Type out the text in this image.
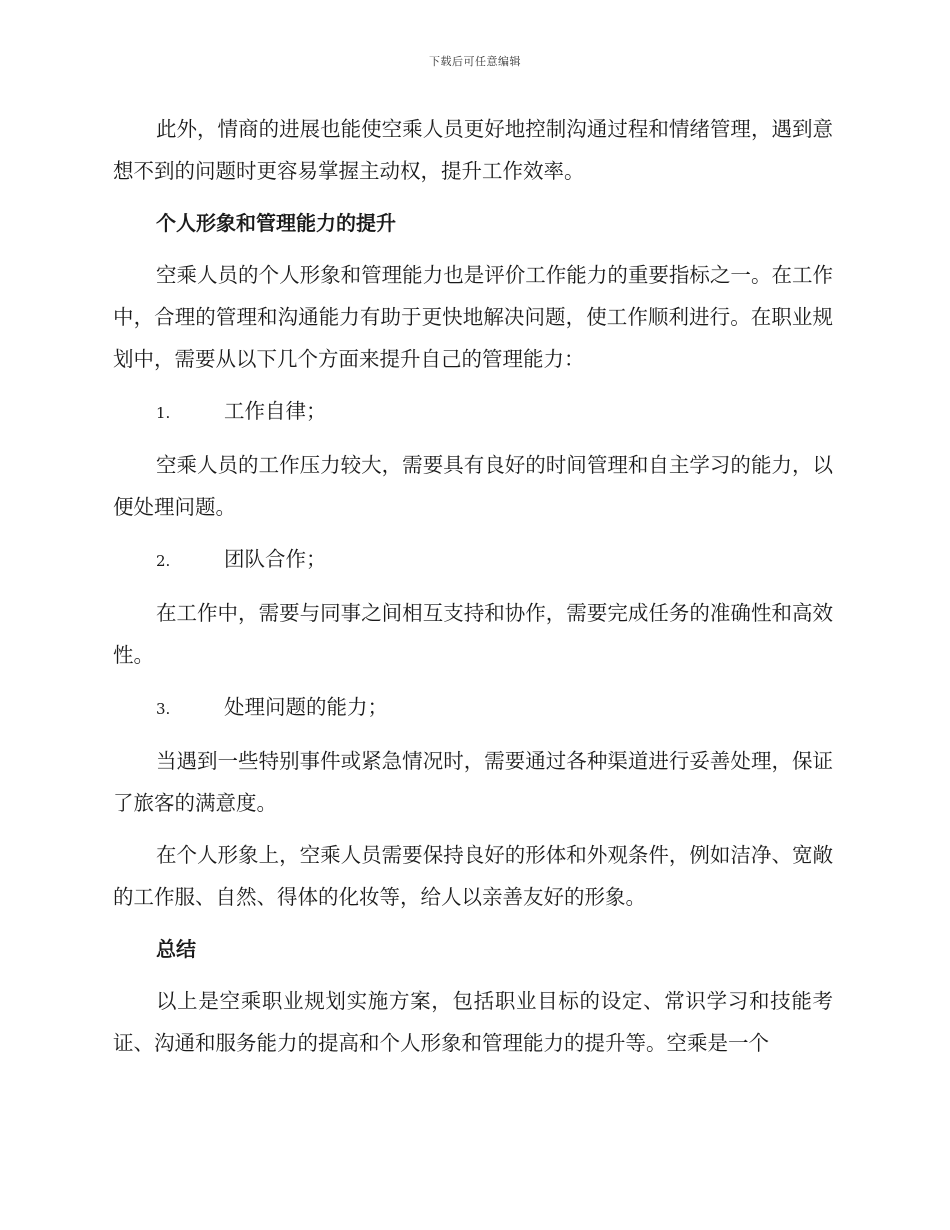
下载后可任意编辑

此外，情商的进展也能使空乘人员更好地控制沟通过程和情绪管理，遇到意想不到的问题时更容易掌握主动权，提升工作效率。

个人形象和管理能力的提升

空乘人员的个人形象和管理能力也是评价工作能力的重要指标之一。在工作中，合理的管理和沟通能力有助于更快地解决问题，使工作顺利进行。在职业规划中，需要从以下几个方面来提升自己的管理能力：

1.	工作自律；

空乘人员的工作压力较大，需要具有良好的时间管理和自主学习的能力，以便处理问题。

2.	团队合作；

在工作中，需要与同事之间相互支持和协作，需要完成任务的准确性和高效性。

3.	处理问题的能力；

当遇到一些特别事件或紧急情况时，需要通过各种渠道进行妥善处理，保证了旅客的满意度。

在个人形象上，空乘人员需要保持良好的形体和外观条件，例如洁净、宽敞的工作服、自然、得体的化妆等，给人以亲善友好的形象。

总结

以上是空乘职业规划实施方案，包括职业目标的设定、常识学习和技能考证、沟通和服务能力的提高和个人形象和管理能力的提升等。空乘是一个
